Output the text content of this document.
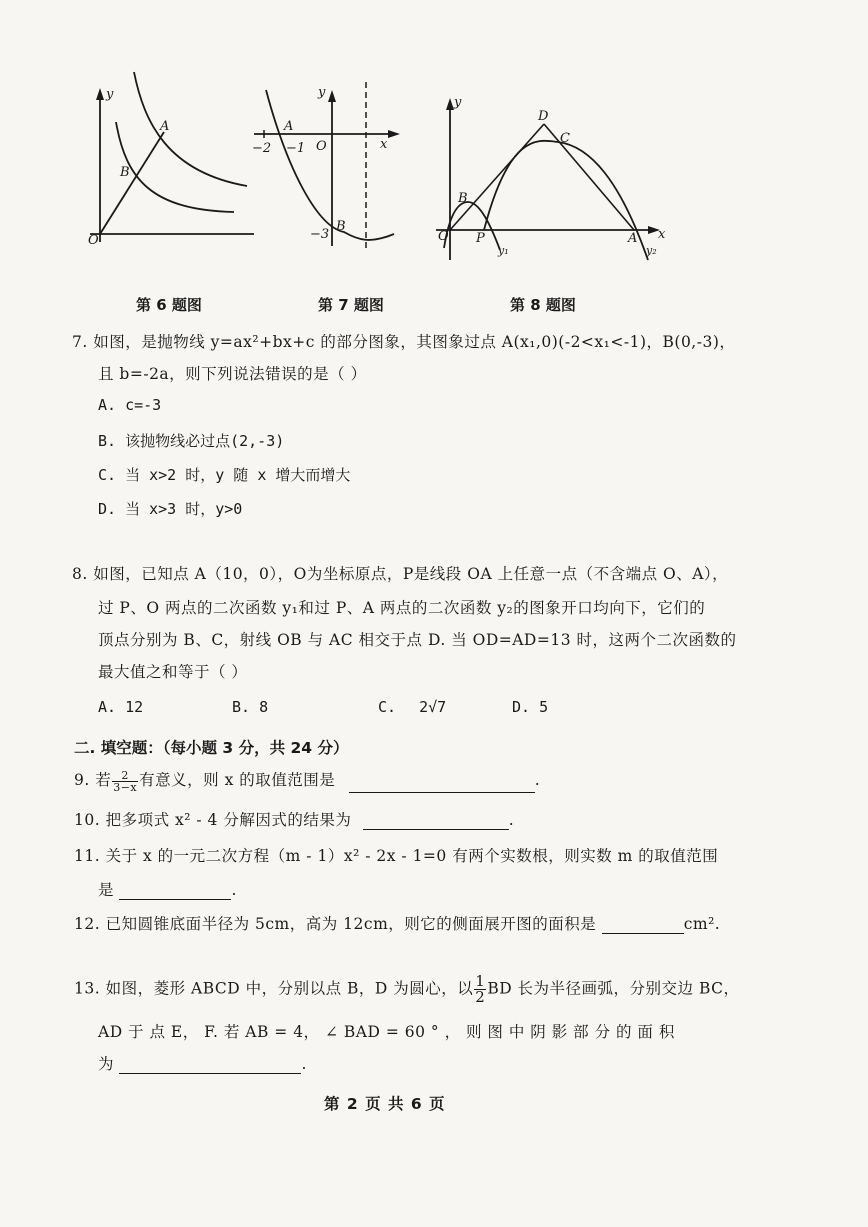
y
A
B
O
y
x
A
O
−2 −1
−3
B
y
x
D
C
B
O P	A
y₁	y₂
第 6 题图	第 7 题图	第 8 题图
7. 如图，是抛物线 y=ax²+bx+c 的部分图象，其图象过点 A(x₁,0)(-2<x₁<-1)，B(0,-3)，
且 b=-2a，则下列说法错误的是（ ）
A. c=-3
B. 该抛物线必过点(2,-3)
C. 当 x>2 时，y 随 x 增大而增大
D. 当 x>3 时，y>0
8. 如图，已知点 A（10，0），O为坐标原点，P是线段 OA 上任意一点（不含端点 O、A），
过 P、O 两点的二次函数 y₁和过 P、A 两点的二次函数 y₂的图象开口均向下，它们的
顶点分别为 B、C，射线 OB 与 AC 相交于点 D. 当 OD=AD=13 时，这两个二次函数的
最大值之和等于（ ）
A. 12	B. 8	C. 2√7	D. 5
二. 填空题：（每小题 3 分，共 24 分）
9. 若 $\frac{2}{3-x}$ 有意义，则 x 的取值范围是	.
10. 把多项式 x² - 4 分解因式的结果为	.
11. 关于 x 的一元二次方程（m - 1）x² - 2x - 1=0 有两个实数根，则实数 m 的取值范围
是	.
12. 已知圆锥底面半径为 5cm，高为 12cm，则它的侧面展开图的面积是	cm².
13. 如图，菱形 ABCD 中，分别以点 B，D 为圆心，以 $\frac{1}{2}$ BD 长为半径画弧，分别交边 BC，
AD 于 点 E， F. 若 AB = 4， ∠ BAD = 60 ° ， 则 图 中 阴 影 部 分 的 面 积
为	.
第 2 页 共 6 页
